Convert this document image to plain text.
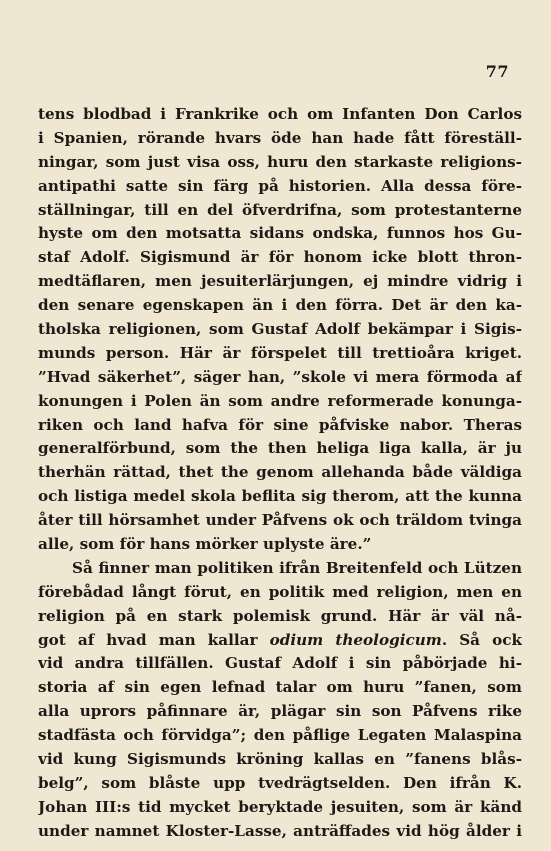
77
tens blodbad i Frankrike och om Infanten Don Carlos
i Spanien, rörande hvars öde han hade fått föreställ-
ningar, som just visa oss, huru den starkaste religions-
antipathi satte sin färg på historien. Alla dessa före-
ställningar, till en del öfverdrifna, som protestanterne
hyste om den motsatta sidans ondska, funnos hos Gu-
staf Adolf. Sigismund är för honom icke blott thron-
medtäflaren, men jesuiterlärjungen, ej mindre vidrig i
den senare egenskapen än i den förra. Det är den ka-
tholska religionen, som Gustaf Adolf bekämpar i Sigis-
munds person. Här är förspelet till trettioåra kriget.
”Hvad säkerhet”, säger han, ”skole vi mera förmoda af
konungen i Polen än som andre reformerade konunga-
riken och land hafva för sine påfviske nabor. Theras
generalförbund, som the then heliga liga kalla, är ju
therhän rättad, thet the genom allehanda både väldiga
och listiga medel skola beflita sig therom, att the kunna
åter till hörsamhet under Påfvens ok och träldom tvinga
alle, som för hans mörker uplyste äre.”
Så finner man politiken ifrån Breitenfeld och Lützen
förebådad långt förut, en politik med religion, men en
religion på en stark polemisk grund. Här är väl nå-
got af hvad man kallar odium theologicum. Så ock
vid andra tillfällen. Gustaf Adolf i sin påbörjade hi-
storia af sin egen lefnad talar om huru ”fanen, som
alla uprors påfinnare är, plägar sin son Påfvens rike
stadfästa och förvidga”; den påflige Legaten Malaspina
vid kung Sigismunds kröning kallas en ”fanens blås-
belg”, som blåste upp tvedrägtselden. Den ifrån K.
Johan III:s tid mycket beryktade jesuiten, som är känd
under namnet Kloster-Lasse, anträffades vid hög ålder i
